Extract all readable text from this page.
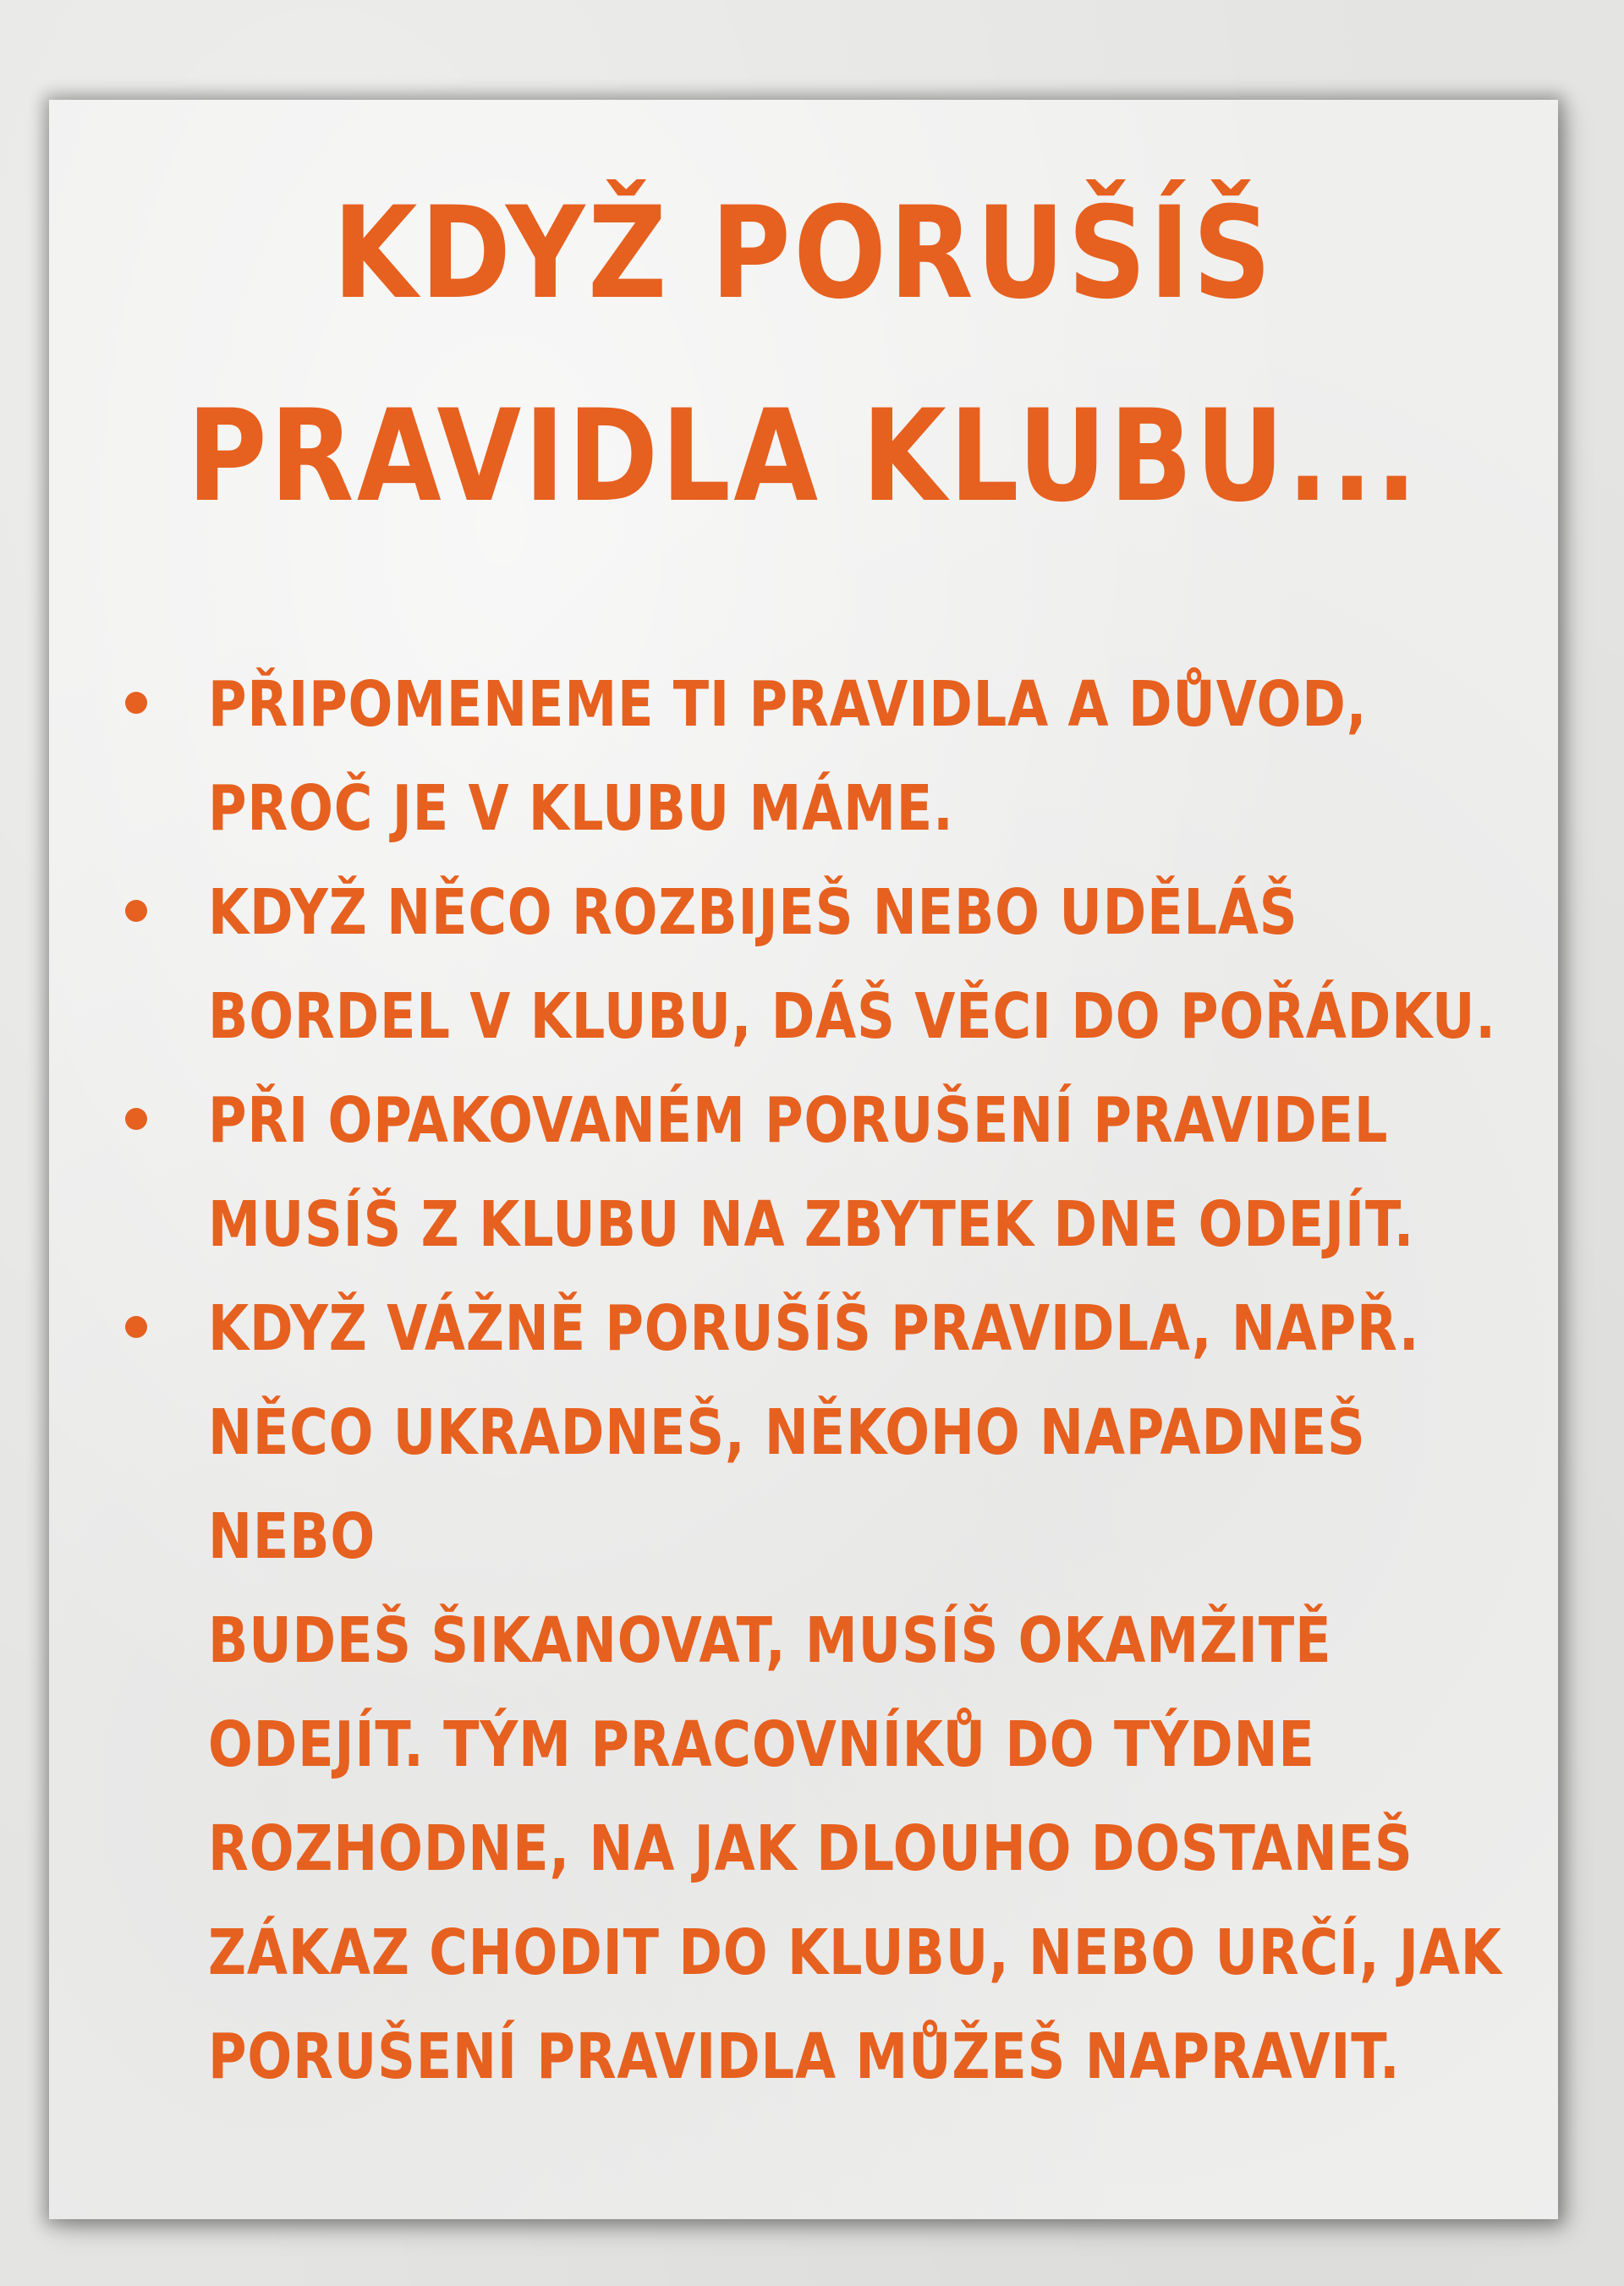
KDYŽ PORUŠÍŠ
PRAVIDLA KLUBU...
PŘIPOMENEME TI PRAVIDLA A DŮVOD,
PROČ JE V KLUBU MÁME.
KDYŽ NĚCO ROZBIJEŠ NEBO UDĚLÁŠ
BORDEL V KLUBU, DÁŠ VĚCI DO POŘÁDKU.
PŘI OPAKOVANÉM PORUŠENÍ PRAVIDEL
MUSÍŠ Z KLUBU NA ZBYTEK DNE ODEJÍT.
KDYŽ VÁŽNĚ PORUŠÍŠ PRAVIDLA, NAPŘ.
NĚCO UKRADNEŠ, NĚKOHO NAPADNEŠ NEBO
BUDEŠ ŠIKANOVAT, MUSÍŠ OKAMŽITĚ
ODEJÍT. TÝM PRACOVNÍKŮ DO TÝDNE
ROZHODNE, NA JAK DLOUHO DOSTANEŠ
ZÁKAZ CHODIT DO KLUBU, NEBO URČÍ, JAK
PORUŠENÍ PRAVIDLA MŮŽEŠ NAPRAVIT.
